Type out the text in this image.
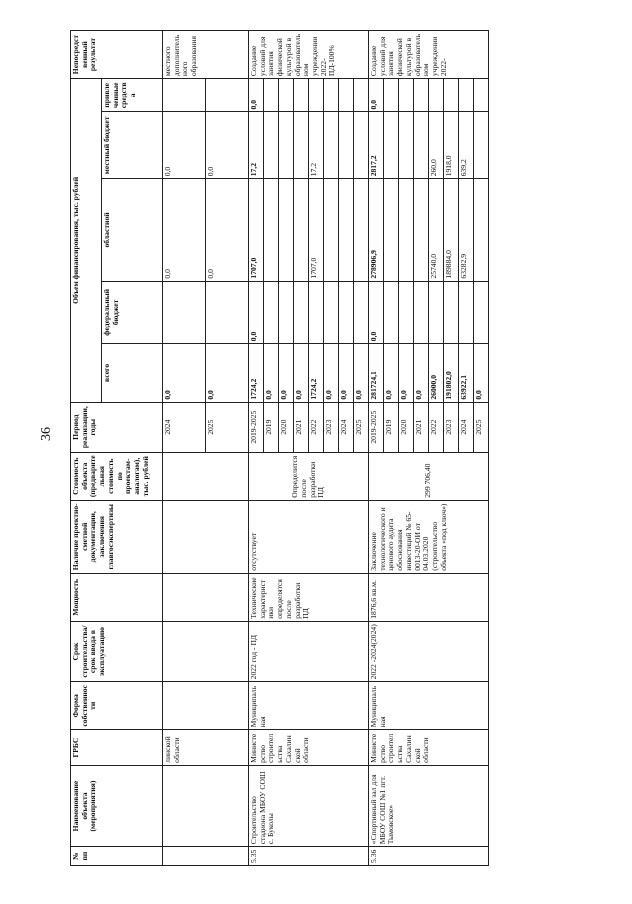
36
№ пп	Наименование объекта (мероприятия)	ГРБС	Форма собственности	Срок строительства/ срок ввода в эксплуатацию	Мощность	Наличие проектно-сметной документации, заключения главгосэкспертизы	Стоимость объекта (предварительная стоимость по проектам-аналогам), тыс. рублей	Период реализации, годы	Объем финансирования, тыс. рублей					Непосредственный результат
									всего	федеральный бюджет	областной	местный бюджет	привлеченные средства	
		линской области						2024	0,0		0,0	0,0		местного дополнительного образования
								2025	0,0		0,0	0,0		
5.35	Строительство стадиона МБОУ СОШ с. Буколы	Министерство строительства Сахалинской области	Муниципальная	2022 год - ПД	Технические характеристики определятся после разработки ПД	отсутствует	Определится после разработки ПД	2019-2025	1724,2	0,0	1707,0	17,2	0,0	Создание условий для занятия физической культурой в образовательном учреждении2022-ПД-100%
								2019	0,0					
								2020	0,0					
								2021	0,0					
								2022	1724,2		1707,0	17,2		
								2023	0,0					
								2024	0,0					
								2025	0,0					
5.36	«Спортивный зал для МБОУ СОШ №1 пгт. Тымовское»	Министерство строительства Сахалинской области	Муниципальная	2022 -2024(2024)	1876,6 кв.м.	Заключение технологического и ценового аудита обоснования инвестиций № 65-0013-20-ОИ от 04.03.2020 (строительство объекта «под ключ»)	299 706,40	2019-2025	281724,1	0,0	278906,9	2817,2	0,0	Создание условий для занятия физической культурой в образовательном учреждении2022-
								2019	0,0					
								2020	0,0					
								2021	0,0					
								2022	26000,0		25740,0	260,0		
								2023	191802,0		189884,0	1918,0		
								2024	63922,1		63282,9	639,2		
								2025	0,0					
